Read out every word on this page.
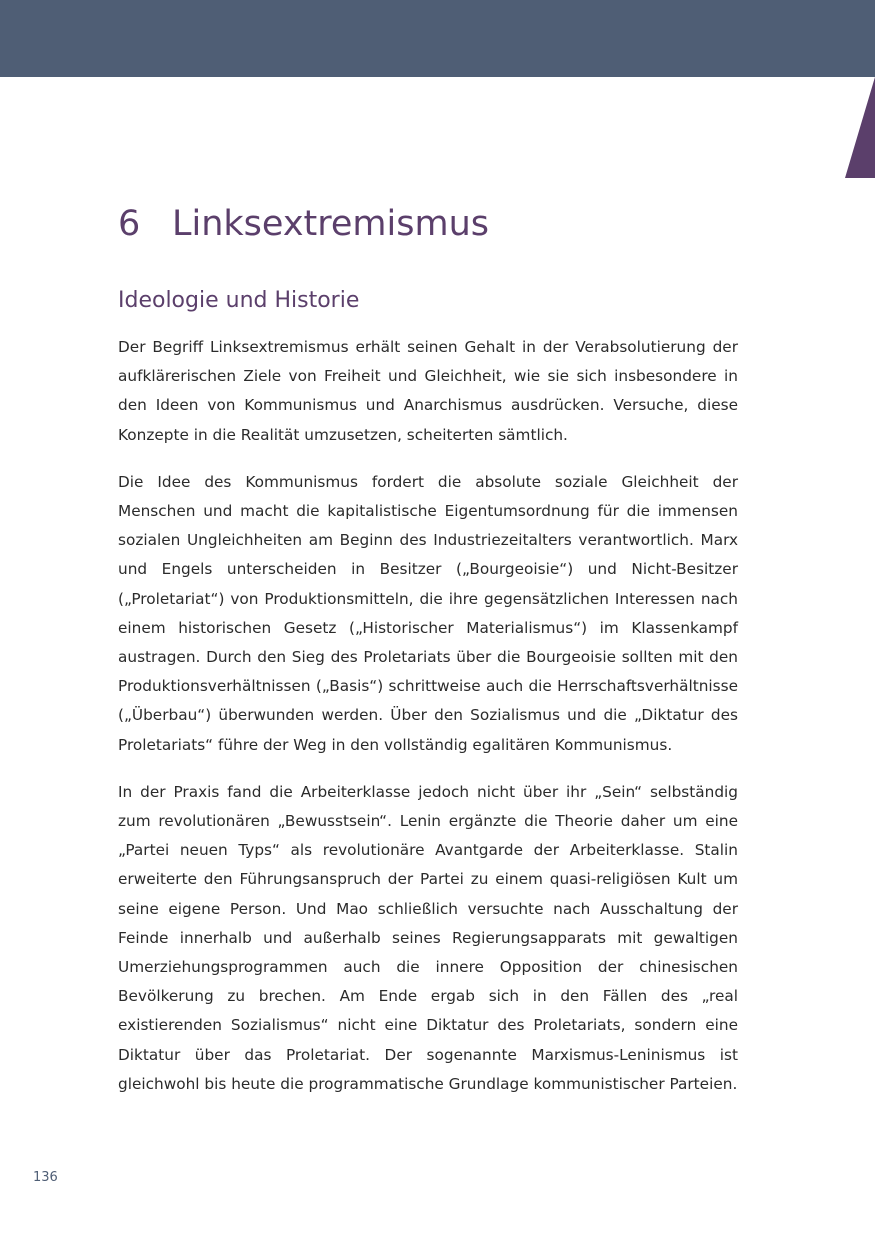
6 Linksextremismus
Ideologie und Historie

Der Begriff Linksextremismus erhält seinen Gehalt in der Verabsolutierung der aufklärerischen Ziele von Freiheit und Gleichheit, wie sie sich insbesondere in den Ideen von Kommunismus und Anarchismus ausdrücken. Versuche, diese Konzepte in die Realität umzusetzen, scheiterten sämtlich.

Die Idee des Kommunismus fordert die absolute soziale Gleichheit der Menschen und macht die kapitalistische Eigentumsordnung für die immensen sozialen Ungleichheiten am Beginn des Industriezeitalters verantwortlich. Marx und Engels unterscheiden in Besitzer („Bourgeoisie“) und Nicht-Besitzer („Proletariat“) von Produktionsmitteln, die ihre gegensätzlichen Interessen nach einem historischen Gesetz („Historischer Materialismus“) im Klassenkampf austragen. Durch den Sieg des Proletariats über die Bourgeoisie sollten mit den Produktionsverhältnissen („Basis“) schrittweise auch die Herrschaftsverhältnisse („Überbau“) überwunden werden. Über den Sozialismus und die „Diktatur des Proletariats“ führe der Weg in den vollständig egalitären Kommunismus.

In der Praxis fand die Arbeiterklasse jedoch nicht über ihr „Sein“ selbständig zum revolutionären „Bewusstsein“. Lenin ergänzte die Theorie daher um eine „Partei neuen Typs“ als revolutionäre Avantgarde der Arbeiterklasse. Stalin erweiterte den Führungsanspruch der Partei zu einem quasi-religiösen Kult um seine eigene Person. Und Mao schließlich versuchte nach Ausschaltung der Feinde innerhalb und außerhalb seines Regierungsapparats mit gewaltigen Umerziehungsprogrammen auch die innere Opposition der chinesischen Bevölkerung zu brechen. Am Ende ergab sich in den Fällen des „real existierenden Sozialismus“ nicht eine Diktatur des Proletariats, sondern eine Diktatur über das Proletariat. Der sogenannte Marxismus-Leninismus ist gleichwohl bis heute die programmatische Grundlage kommunistischer Parteien.

136
